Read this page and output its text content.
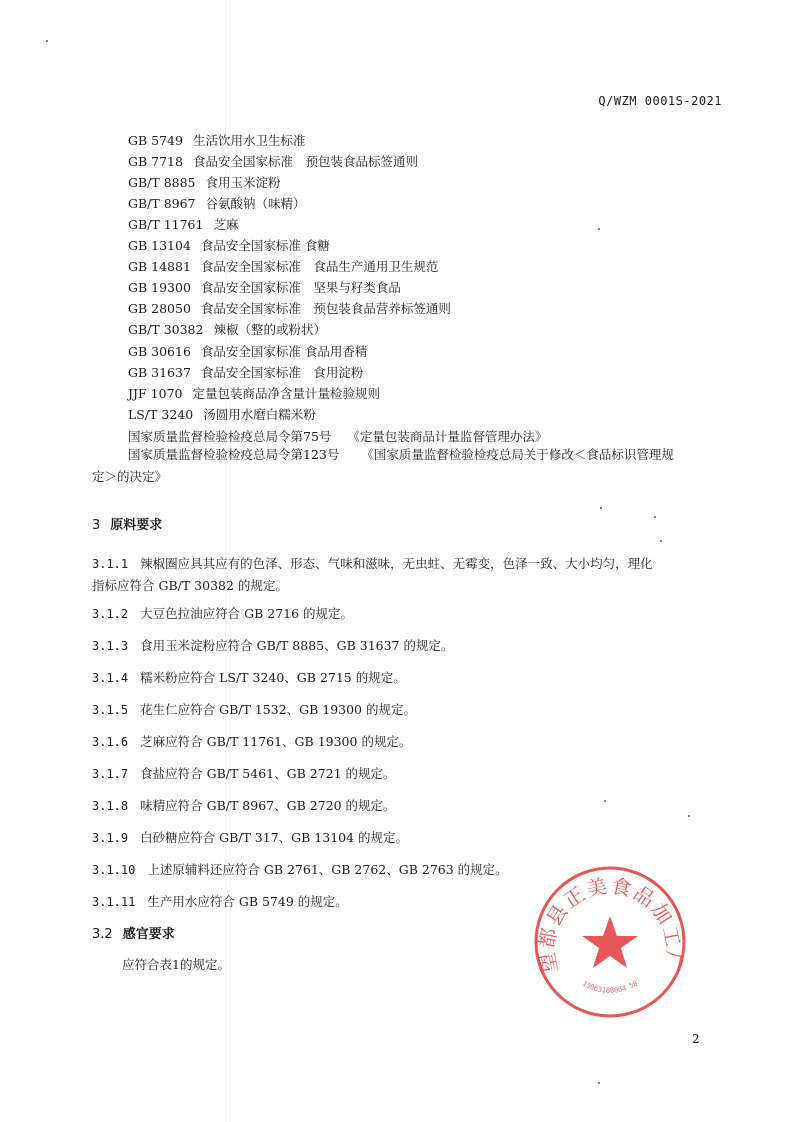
Q/WZM 0001S-2021
GB 5749 生活饮用水卫生标准
GB 7718 食品安全国家标准　预包装食品标签通则
GB/T 8885 食用玉米淀粉
GB/T 8967 谷氨酸钠（味精）
GB/T 11761 芝麻
GB 13104 食品安全国家标准 食糖
GB 14881 食品安全国家标准　食品生产通用卫生规范
GB 19300 食品安全国家标准　坚果与籽类食品
GB 28050 食品安全国家标准　预包装食品营养标签通则
GB/T 30382 辣椒（整的或粉状）
GB 30616 食品安全国家标准 食品用香精
GB 31637 食品安全国家标准　食用淀粉
JJF 1070 定量包装商品净含量计量检验规则
LS/T 3240 汤圆用水磨白糯米粉
国家质量监督检验检疫总局令第75号 《定量包装商品计量监督管理办法》
国家质量监督检验检疫总局令第123号 《国家质量监督检验检疫总局关于修改＜食品标识管理规
定＞的决定》
3 原料要求
3.1.1 辣椒圈应具其应有的色泽、形态、气味和滋味，无虫蛀、无霉变，色泽一致、大小均匀，理化
指标应符合 GB/T 30382 的规定。
3.1.2 大豆色拉油应符合 GB 2716 的规定。
3.1.3 食用玉米淀粉应符合 GB/T 8885、GB 31637 的规定。
3.1.4 糯米粉应符合 LS/T 3240、GB 2715 的规定。
3.1.5 花生仁应符合 GB/T 1532、GB 19300 的规定。
3.1.6 芝麻应符合 GB/T 11761、GB 19300 的规定。
3.1.7 食盐应符合 GB/T 5461、GB 2721 的规定。
3.1.8 味精应符合 GB/T 8967、GB 2720 的规定。
3.1.9 白砂糖应符合 GB/T 317、GB 13104 的规定。
3.1.10 上述原辅料还应符合 GB 2761、GB 2762、GB 2763 的规定。
3.1.11 生产用水应符合 GB 5749 的规定。
3.2 感官要求
应符合表1的规定。	望都县正美食品加工厂
13063188064 58
2
